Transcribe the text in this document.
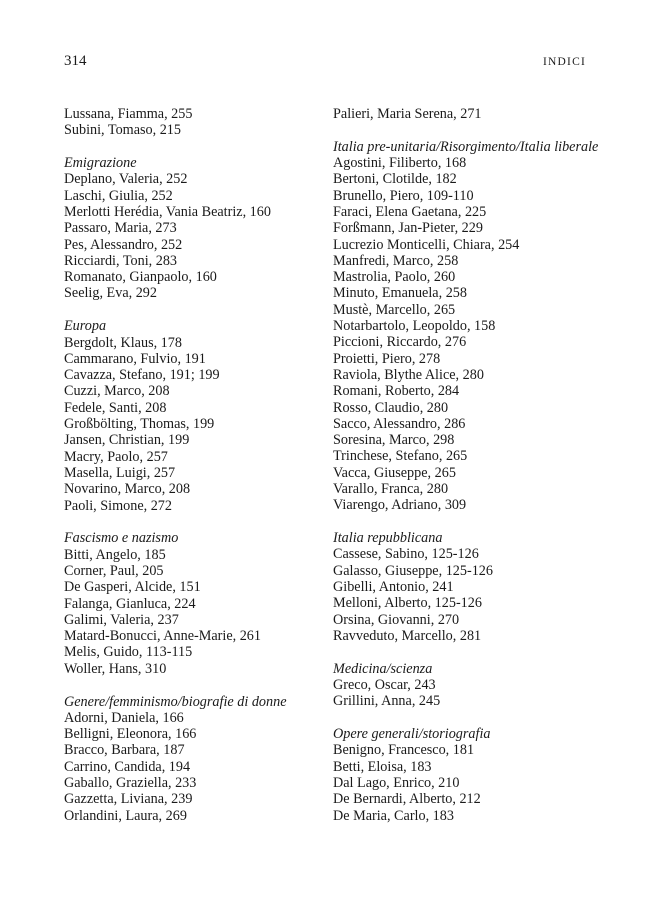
314	INDICI
Lussana, Fiamma, 255
Subini, Tomaso, 215
Emigrazione
Deplano, Valeria, 252
Laschi, Giulia, 252
Merlotti Herédia, Vania Beatriz, 160
Passaro, Maria, 273
Pes, Alessandro, 252
Ricciardi, Toni, 283
Romanato, Gianpaolo, 160
Seelig, Eva, 292
Europa
Bergdolt, Klaus, 178
Cammarano, Fulvio, 191
Cavazza, Stefano, 191; 199
Cuzzi, Marco, 208
Fedele, Santi, 208
Großbölting, Thomas, 199
Jansen, Christian, 199
Macry, Paolo, 257
Masella, Luigi, 257
Novarino, Marco, 208
Paoli, Simone, 272
Fascismo e nazismo
Bitti, Angelo, 185
Corner, Paul, 205
De Gasperi, Alcide, 151
Falanga, Gianluca, 224
Galimi, Valeria, 237
Matard-Bonucci, Anne-Marie, 261
Melis, Guido, 113-115
Woller, Hans, 310
Genere/femminismo/biografie di donne
Adorni, Daniela, 166
Belligni, Eleonora, 166
Bracco, Barbara, 187
Carrino, Candida, 194
Gaballo, Graziella, 233
Gazzetta, Liviana, 239
Orlandini, Laura, 269
Palieri, Maria Serena, 271
Italia pre-unitaria/Risorgimento/Italia liberale
Agostini, Filiberto, 168
Bertoni, Clotilde, 182
Brunello, Piero, 109-110
Faraci, Elena Gaetana, 225
Forßmann, Jan-Pieter, 229
Lucrezio Monticelli, Chiara, 254
Manfredi, Marco, 258
Mastrolia, Paolo, 260
Minuto, Emanuela, 258
Mustè, Marcello, 265
Notarbartolo, Leopoldo, 158
Piccioni, Riccardo, 276
Proietti, Piero, 278
Raviola, Blythe Alice, 280
Romani, Roberto, 284
Rosso, Claudio, 280
Sacco, Alessandro, 286
Soresina, Marco, 298
Trinchese, Stefano, 265
Vacca, Giuseppe, 265
Varallo, Franca, 280
Viarengo, Adriano, 309
Italia repubblicana
Cassese, Sabino, 125-126
Galasso, Giuseppe, 125-126
Gibelli, Antonio, 241
Melloni, Alberto, 125-126
Orsina, Giovanni, 270
Ravveduto, Marcello, 281
Medicina/scienza
Greco, Oscar, 243
Grillini, Anna, 245
Opere generali/storiografia
Benigno, Francesco, 181
Betti, Eloisa, 183
Dal Lago, Enrico, 210
De Bernardi, Alberto, 212
De Maria, Carlo, 183
